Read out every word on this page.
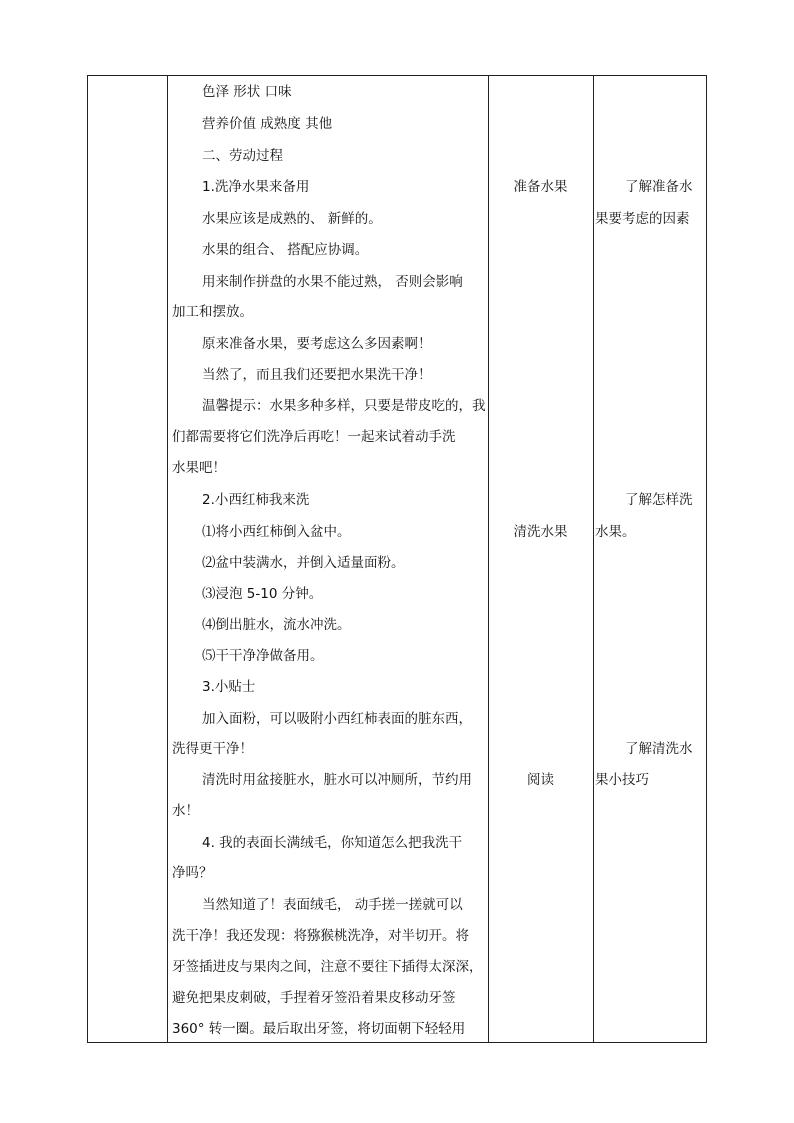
色泽 形状 口味
营养价值 成熟度 其他
二、劳动过程
1.洗净水果来备用
水果应该是成熟的、 新鲜的。
水果的组合、 搭配应协调。
用来制作拼盘的水果不能过熟， 否则会影响
加工和摆放。
原来准备水果，要考虑这么多因素啊！
当然了，而且我们还要把水果洗干净！
温馨提示：水果多种多样，只要是带皮吃的，我
们都需要将它们洗净后再吃！一起来试着动手洗
水果吧！
2.小西红柿我来洗
⑴将小西红柿倒入盆中。
⑵盆中装满水，并倒入适量面粉。
⑶浸泡 5-10 分钟。
⑷倒出脏水，流水冲洗。
⑸干干净净做备用。
3.小贴士
加入面粉，可以吸附小西红柿表面的脏东西，
洗得更干净！
清洗时用盆接脏水，脏水可以冲厕所，节约用
水！
4. 我的表面长满绒毛，你知道怎么把我洗干
净吗？
当然知道了！表面绒毛， 动手搓一搓就可以
洗干净！我还发现：将猕猴桃洗净，对半切开。将
牙签插进皮与果肉之间，注意不要往下插得太深深，
避免把果皮刺破，手捏着牙签沿着果皮移动牙签
360° 转一圈。最后取出牙签，将切面朝下轻轻用
准备水果
清洗水果
阅读
了解准备水
果要考虑的因素
了解怎样洗
水果。
了解清洗水
果小技巧
